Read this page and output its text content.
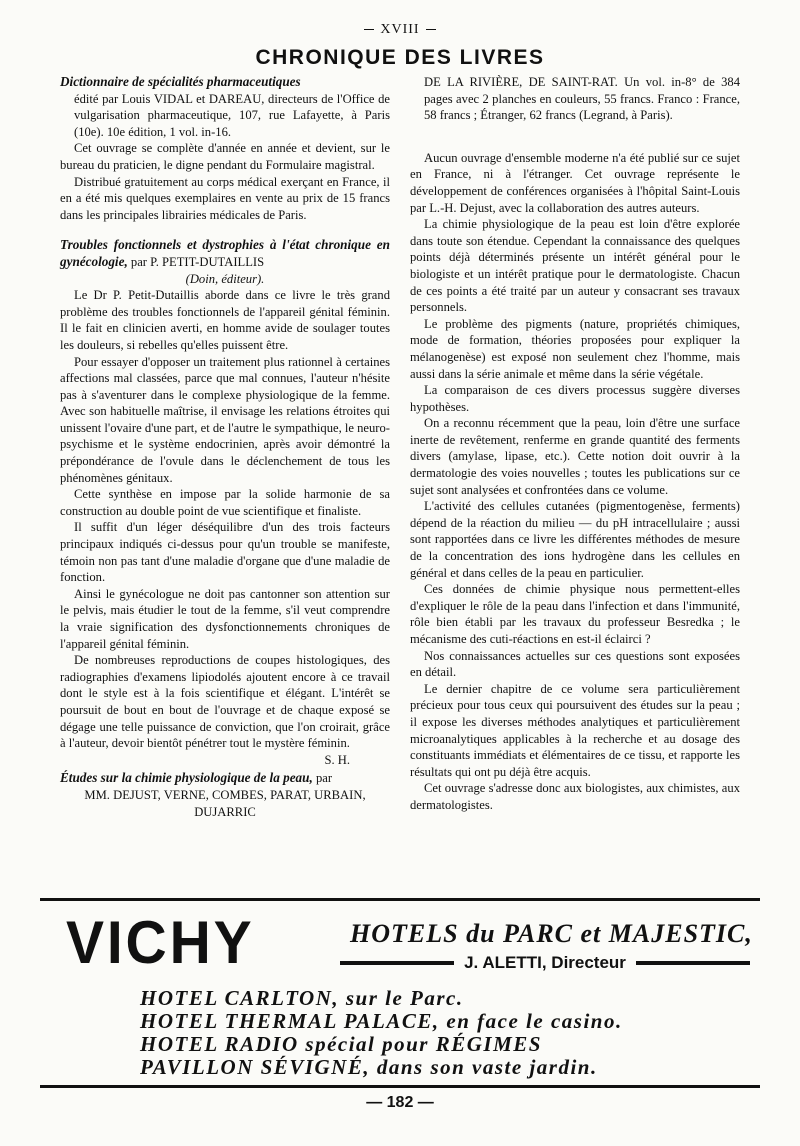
XVIII
CHRONIQUE DES LIVRES

Dictionnaire de spécialités pharmaceutiques

édité par Louis VIDAL et DAREAU, directeurs de l'Office de vulgarisation pharmaceutique, 107, rue Lafayette, à Paris (10e). 10e édition, 1 vol. in-16.

Cet ouvrage se complète d'année en année et devient, sur le bureau du praticien, le digne pendant du Formulaire magistral.

Distribué gratuitement au corps médical exerçant en France, il en a été mis quelques exemplaires en vente au prix de 15 francs dans les principales librairies médicales de Paris.

Troubles fonctionnels et dystrophies à l'état chronique en gynécologie, par P. PETIT-DUTAILLIS

(Doin, éditeur).

Le Dr P. Petit-Dutaillis aborde dans ce livre le très grand problème des troubles fonctionnels de l'appareil génital féminin. Il le fait en clinicien averti, en homme avide de soulager toutes les douleurs, si rebelles qu'elles puissent être.

Pour essayer d'opposer un traitement plus rationnel à certaines affections mal classées, parce que mal connues, l'auteur n'hésite pas à s'aventurer dans le complexe physiologique de la femme. Avec son habituelle maîtrise, il envisage les relations étroites qui unissent l'ovaire d'une part, et de l'autre le sympathique, le neuro-psychisme et le système endocrinien, après avoir démontré la prépondérance de l'ovule dans le déclenchement de tous les phénomènes génitaux.

Cette synthèse en impose par la solide harmonie de sa construction au double point de vue scientifique et finaliste.

Il suffit d'un léger déséquilibre d'un des trois facteurs principaux indiqués ci-dessus pour qu'un trouble se manifeste, témoin non pas tant d'une maladie d'organe que d'une maladie de fonction.

Ainsi le gynécologue ne doit pas cantonner son attention sur le pelvis, mais étudier le tout de la femme, s'il veut comprendre la vraie signification des dysfonctionnements chroniques de l'appareil génital féminin.

De nombreuses reproductions de coupes histologiques, des radiographies d'examens lipiodolés ajoutent encore à ce travail dont le style est à la fois scientifique et élégant. L'intérêt se poursuit de bout en bout de l'ouvrage et de chaque exposé se dégage une telle puissance de conviction, que l'on croirait, grâce à l'auteur, devoir bientôt pénétrer tout le mystère féminin.

S. H.

Études sur la chimie physiologique de la peau, par

MM. DEJUST, VERNE, COMBES, PARAT, URBAIN, DUJARRIC

DE LA RIVIÈRE, DE SAINT-RAT. Un vol. in-8° de 384 pages avec 2 planches en couleurs, 55 francs. Franco : France, 58 francs ; Étranger, 62 francs (Legrand, à Paris).

Aucun ouvrage d'ensemble moderne n'a été publié sur ce sujet en France, ni à l'étranger. Cet ouvrage représente le développement de conférences organisées à l'hôpital Saint-Louis par L.-H. Dejust, avec la collaboration des autres auteurs.

La chimie physiologique de la peau est loin d'être explorée dans toute son étendue. Cependant la connaissance des quelques points déjà déterminés présente un intérêt général pour le biologiste et un intérêt pratique pour le dermatologiste. Chacun de ces points a été traité par un auteur y consacrant ses travaux personnels.

Le problème des pigments (nature, propriétés chimiques, mode de formation, théories proposées pour expliquer la mélanogenèse) est exposé non seulement chez l'homme, mais aussi dans la série animale et même dans la série végétale.

La comparaison de ces divers processus suggère diverses hypothèses.

On a reconnu récemment que la peau, loin d'être une surface inerte de revêtement, renferme en grande quantité des ferments divers (amylase, lipase, etc.). Cette notion doit ouvrir à la dermatologie des voies nouvelles ; toutes les publications sur ce sujet sont analysées et confrontées dans ce volume.

L'activité des cellules cutanées (pigmentogenèse, ferments) dépend de la réaction du milieu — du pH intracellulaire ; aussi sont rapportées dans ce livre les différentes méthodes de mesure de la concentration des ions hydrogène dans les cellules en général et dans celles de la peau en particulier.

Ces données de chimie physique nous permettent-elles d'expliquer le rôle de la peau dans l'infection et dans l'immunité, rôle bien établi par les travaux du professeur Besredka ; le mécanisme des cuti-réactions en est-il éclairci ?

Nos connaissances actuelles sur ces questions sont exposées en détail.

Le dernier chapitre de ce volume sera particulièrement précieux pour tous ceux qui poursuivent des études sur la peau ; il expose les diverses méthodes analytiques et particulièrement microanalytiques applicables à la recherche et au dosage des constituants immédiats et élémentaires de ce tissu, et rapporte les résultats qui ont pu déjà être acquis.

Cet ouvrage s'adresse donc aux biologistes, aux chimistes, aux dermatologistes.

VICHY	HOTELS du PARC et MAJESTIC,
J. ALETTI, Directeur
HOTEL CARLTON, sur le Parc.
HOTEL THERMAL PALACE, en face le casino.
HOTEL RADIO spécial pour RÉGIMES
PAVILLON SÉVIGNÉ, dans son vaste jardin.
— 182 —
